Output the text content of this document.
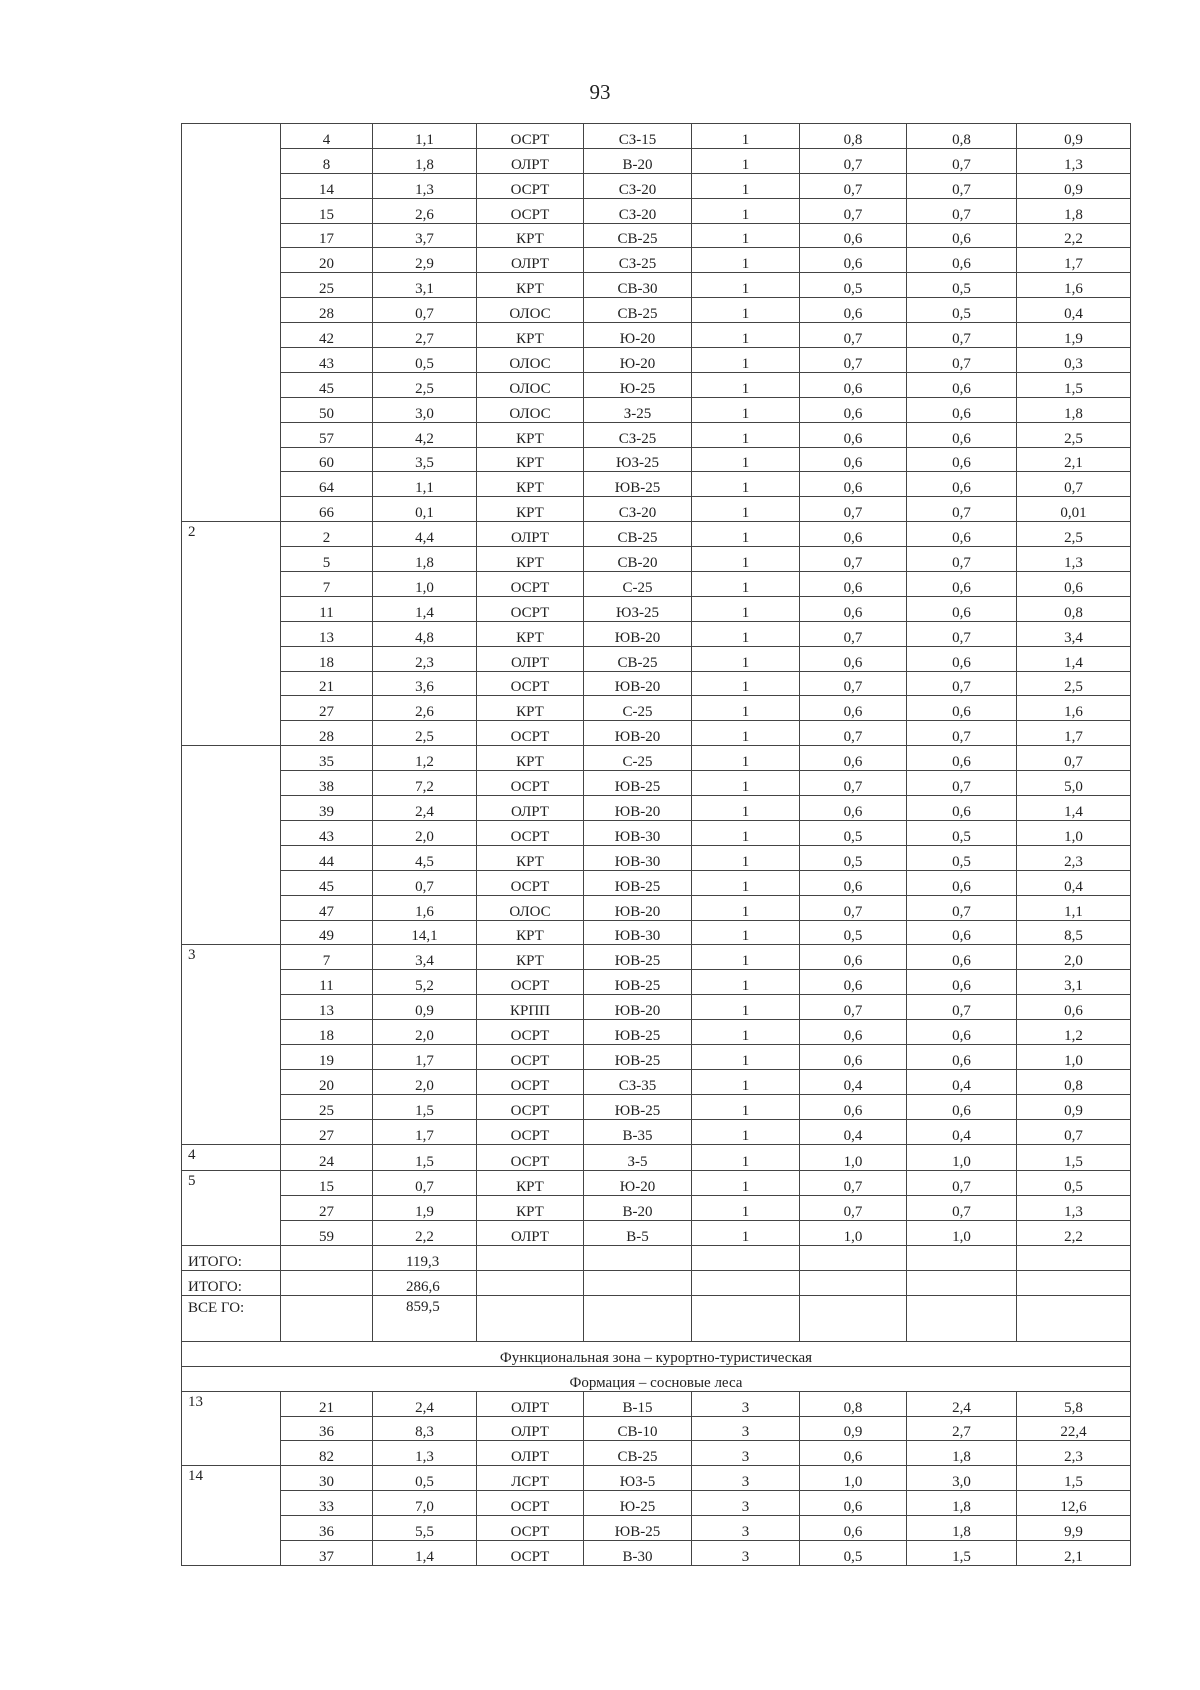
93
	4	1,1	ОСРТ	СЗ-15	1	0,8	0,8	0,9
	8	1,8	ОЛРТ	В-20	1	0,7	0,7	1,3
	14	1,3	ОСРТ	СЗ-20	1	0,7	0,7	0,9
	15	2,6	ОСРТ	СЗ-20	1	0,7	0,7	1,8
	17	3,7	КРТ	СВ-25	1	0,6	0,6	2,2
	20	2,9	ОЛРТ	СЗ-25	1	0,6	0,6	1,7
	25	3,1	КРТ	СВ-30	1	0,5	0,5	1,6
	28	0,7	ОЛОС	СВ-25	1	0,6	0,5	0,4
	42	2,7	КРТ	Ю-20	1	0,7	0,7	1,9
	43	0,5	ОЛОС	Ю-20	1	0,7	0,7	0,3
	45	2,5	ОЛОС	Ю-25	1	0,6	0,6	1,5
	50	3,0	ОЛОС	З-25	1	0,6	0,6	1,8
	57	4,2	КРТ	СЗ-25	1	0,6	0,6	2,5
	60	3,5	КРТ	ЮЗ-25	1	0,6	0,6	2,1
	64	1,1	КРТ	ЮВ-25	1	0,6	0,6	0,7
	66	0,1	КРТ	СЗ-20	1	0,7	0,7	0,01
2	2	4,4	ОЛРТ	СВ-25	1	0,6	0,6	2,5
	5	1,8	КРТ	СВ-20	1	0,7	0,7	1,3
	7	1,0	ОСРТ	С-25	1	0,6	0,6	0,6
	11	1,4	ОСРТ	ЮЗ-25	1	0,6	0,6	0,8
	13	4,8	КРТ	ЮВ-20	1	0,7	0,7	3,4
	18	2,3	ОЛРТ	СВ-25	1	0,6	0,6	1,4
	21	3,6	ОСРТ	ЮВ-20	1	0,7	0,7	2,5
	27	2,6	КРТ	С-25	1	0,6	0,6	1,6
	28	2,5	ОСРТ	ЮВ-20	1	0,7	0,7	1,7
	35	1,2	КРТ	С-25	1	0,6	0,6	0,7
	38	7,2	ОСРТ	ЮВ-25	1	0,7	0,7	5,0
	39	2,4	ОЛРТ	ЮВ-20	1	0,6	0,6	1,4
	43	2,0	ОСРТ	ЮВ-30	1	0,5	0,5	1,0
	44	4,5	КРТ	ЮВ-30	1	0,5	0,5	2,3
	45	0,7	ОСРТ	ЮВ-25	1	0,6	0,6	0,4
	47	1,6	ОЛОС	ЮВ-20	1	0,7	0,7	1,1
	49	14,1	КРТ	ЮВ-30	1	0,5	0,6	8,5
3	7	3,4	КРТ	ЮВ-25	1	0,6	0,6	2,0
	11	5,2	ОСРТ	ЮВ-25	1	0,6	0,6	3,1
	13	0,9	КРПП	ЮВ-20	1	0,7	0,7	0,6
	18	2,0	ОСРТ	ЮВ-25	1	0,6	0,6	1,2
	19	1,7	ОСРТ	ЮВ-25	1	0,6	0,6	1,0
	20	2,0	ОСРТ	СЗ-35	1	0,4	0,4	0,8
	25	1,5	ОСРТ	ЮВ-25	1	0,6	0,6	0,9
	27	1,7	ОСРТ	В-35	1	0,4	0,4	0,7
4	24	1,5	ОСРТ	З-5	1	1,0	1,0	1,5
5	15	0,7	КРТ	Ю-20	1	0,7	0,7	0,5
	27	1,9	КРТ	В-20	1	0,7	0,7	1,3
	59	2,2	ОЛРТ	В-5	1	1,0	1,0	2,2
ИТОГО:		119,3						
ИТОГО:		286,6						
ВСЕ ГО:		859,5						
Функциональная зона – курортно-туристическая								
Формация – сосновые леса								
13	21	2,4	ОЛРТ	В-15	3	0,8	2,4	5,8
	36	8,3	ОЛРТ	СВ-10	3	0,9	2,7	22,4
	82	1,3	ОЛРТ	СВ-25	3	0,6	1,8	2,3
14	30	0,5	ЛСРТ	ЮЗ-5	3	1,0	3,0	1,5
	33	7,0	ОСРТ	Ю-25	3	0,6	1,8	12,6
	36	5,5	ОСРТ	ЮВ-25	3	0,6	1,8	9,9
	37	1,4	ОСРТ	В-30	3	0,5	1,5	2,1
